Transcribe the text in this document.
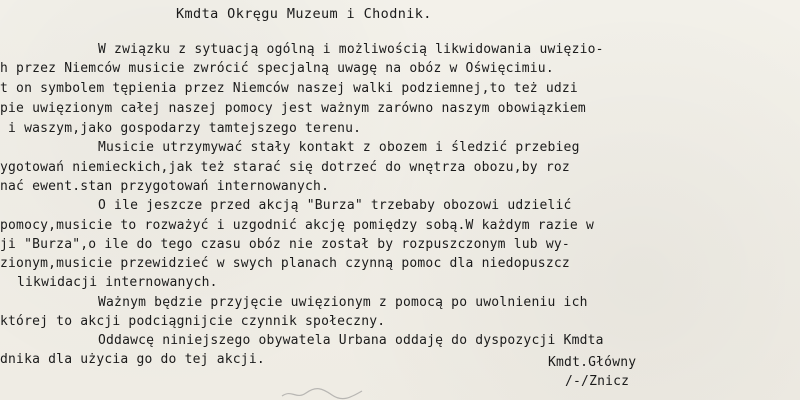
Kmdta Okręgu Muzeum i Chodnik.
W związku z sytuacją ogólną i możliwością likwidowania uwięzio-
h przez Niemców musicie zwrócić specjalną uwagę na obóz w Oświęcimiu.
t on symbolem tępienia przez Niemców naszej walki podziemnej,to też udzi
pie uwięzionym całej naszej pomocy jest ważnym zarówno naszym obowiązkiem
i waszym,jako gospodarzy tamtejszego terenu.
Musicie utrzymywać stały kontakt z obozem i śledzić przebieg
ygotowań niemieckich,jak też starać się dotrzeć do wnętrza obozu,by roz
nać ewent.stan przygotowań internowanych.
O ile jeszcze przed akcją "Burza" trzebaby obozowi udzielić
pomocy,musicie to rozważyć i uzgodnić akcję pomiędzy sobą.W każdym razie w
ji "Burza",o ile do tego czasu obóz nie został by rozpuszczonym lub wy-
zionym,musicie przewidzieć w swych planach czynną pomoc dla niedopuszcz
likwidacji internowanych.
Ważnym będzie przyjęcie uwięzionym z pomocą po uwolnieniu ich
której to akcji podciągnijcie czynnik społeczny.
Oddawcę niniejszego obywatela Urbana oddaję do dyspozycji Kmdta
dnika dla użycia go do tej akcji.	Kmdt.Główny
/-/Znicz
